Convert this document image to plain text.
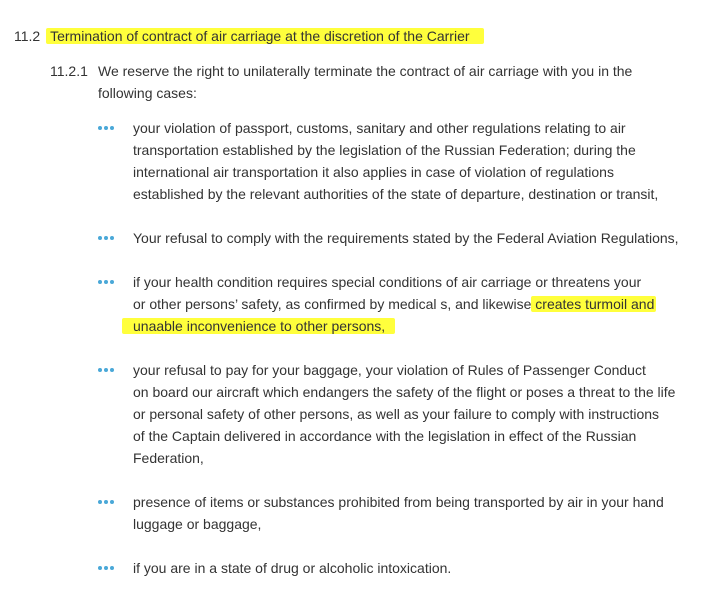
11.2 Termination of contract of air carriage at the discretion of the Carrier
11.2.1 We reserve the right to unilaterally terminate the contract of air carriage with you in the
following cases:
your violation of passport, customs, sanitary and other regulations relating to air
transportation established by the legislation of the Russian Federation; during the
international air transportation it also applies in case of violation of regulations
established by the relevant authorities of the state of departure, destination or transit,
Your refusal to comply with the requirements stated by the Federal Aviation Regulations,
if your health condition requires special conditions of air carriage or threatens your
or other persons’ safety, as confirmed by medical s, and likewise creates turmoil and
unaable inconvenience to other persons,
your refusal to pay for your baggage, your violation of Rules of Passenger Conduct
on board our aircraft which endangers the safety of the flight or poses a threat to the life
or personal safety of other persons, as well as your failure to comply with instructions
of the Captain delivered in accordance with the legislation in effect of the Russian
Federation,
presence of items or substances prohibited from being transported by air in your hand
luggage or baggage,
if you are in a state of drug or alcoholic intoxication.
